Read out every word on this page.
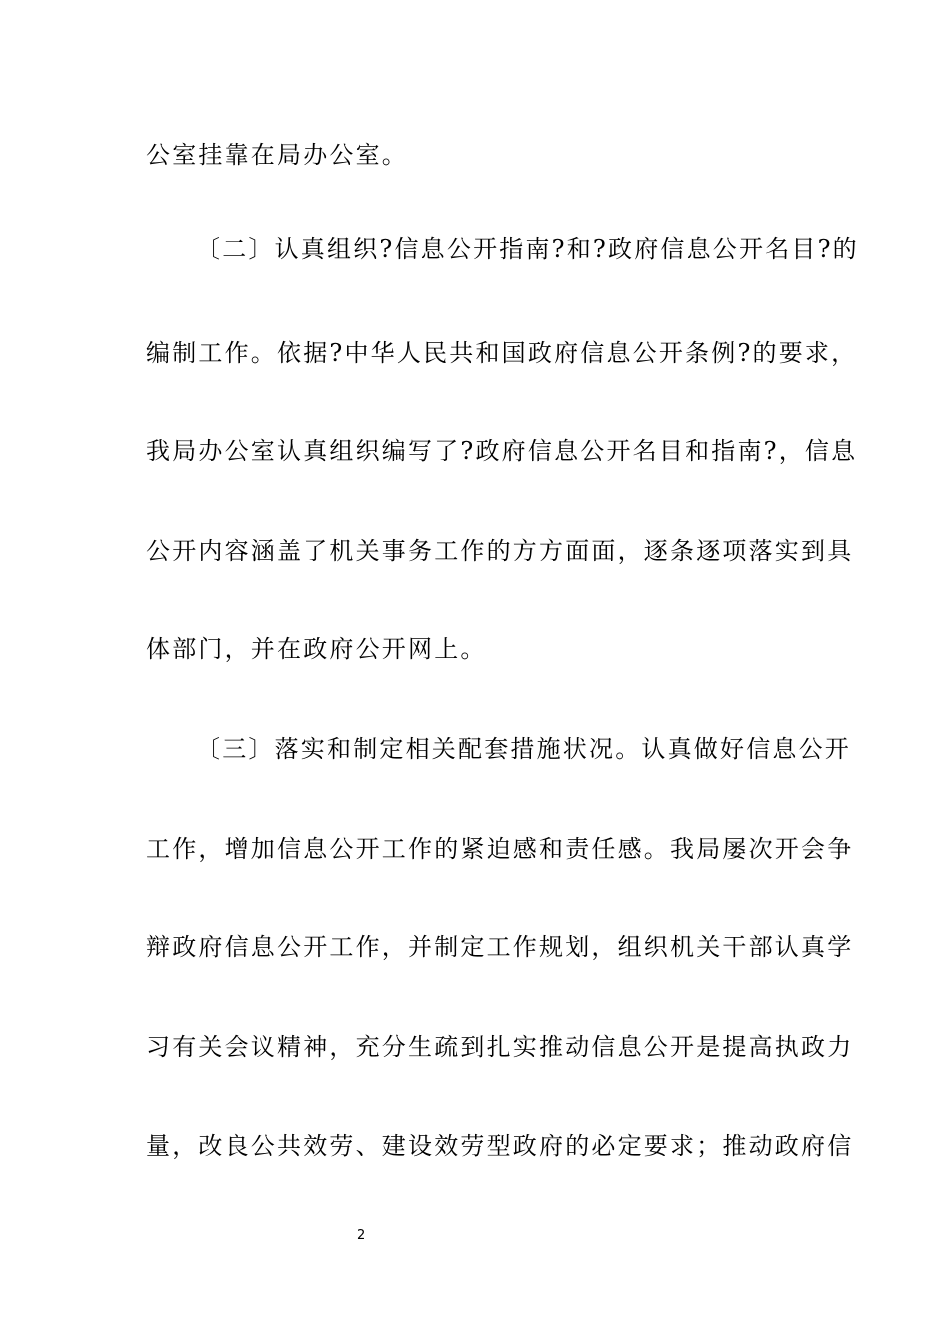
公室挂靠在局办公室。
〔二〕认真组织?信息公开指南?和?政府信息公开名目?的
编制工作。依据?中华人民共和国政府信息公开条例?的要求，
我局办公室认真组织编写了?政府信息公开名目和指南?，信息
公开内容涵盖了机关事务工作的方方面面，逐条逐项落实到具
体部门，并在政府公开网上。
〔三〕落实和制定相关配套措施状况。认真做好信息公开
工作，增加信息公开工作的紧迫感和责任感。我局屡次开会争
辩政府信息公开工作，并制定工作规划，组织机关干部认真学
习有关会议精神，充分生疏到扎实推动信息公开是提高执政力
量，改良公共效劳、建设效劳型政府的必定要求；推动政府信
2
